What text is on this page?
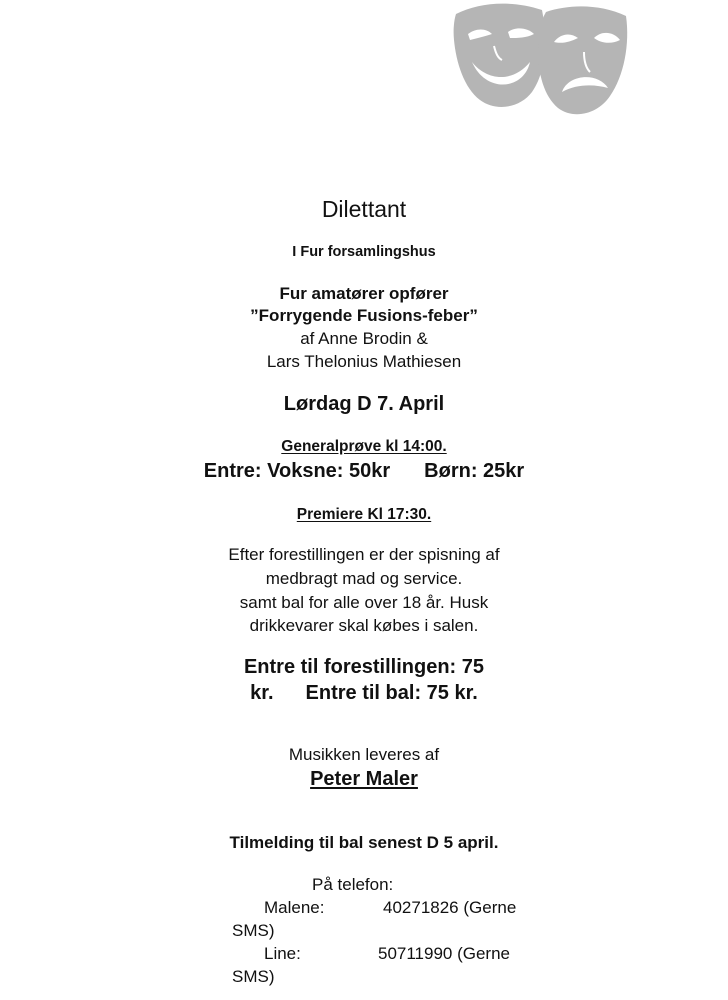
Dilettant
I Fur forsamlingshus
Fur amatører opfører
”Forrygende Fusions-feber”
af Anne Brodin &
Lars Thelonius Mathiesen
Lørdag D 7. April
Generalprøve kl 14:00.
Entre: Voksne: 50kr Børn: 25kr
Premiere Kl 17:30.
Efter forestillingen er der spisning af
medbragt mad og service.
samt bal for alle over 18 år. Husk
drikkevarer skal købes i salen.
Entre til forestillingen: 75
kr. Entre til bal: 75 kr.
Musikken leveres af
Peter Maler
Tilmelding til bal senest D 5 april.
På telefon:
Malene:	40271826 (Gerne
SMS)
Line:	50711990 (Gerne
SMS)
